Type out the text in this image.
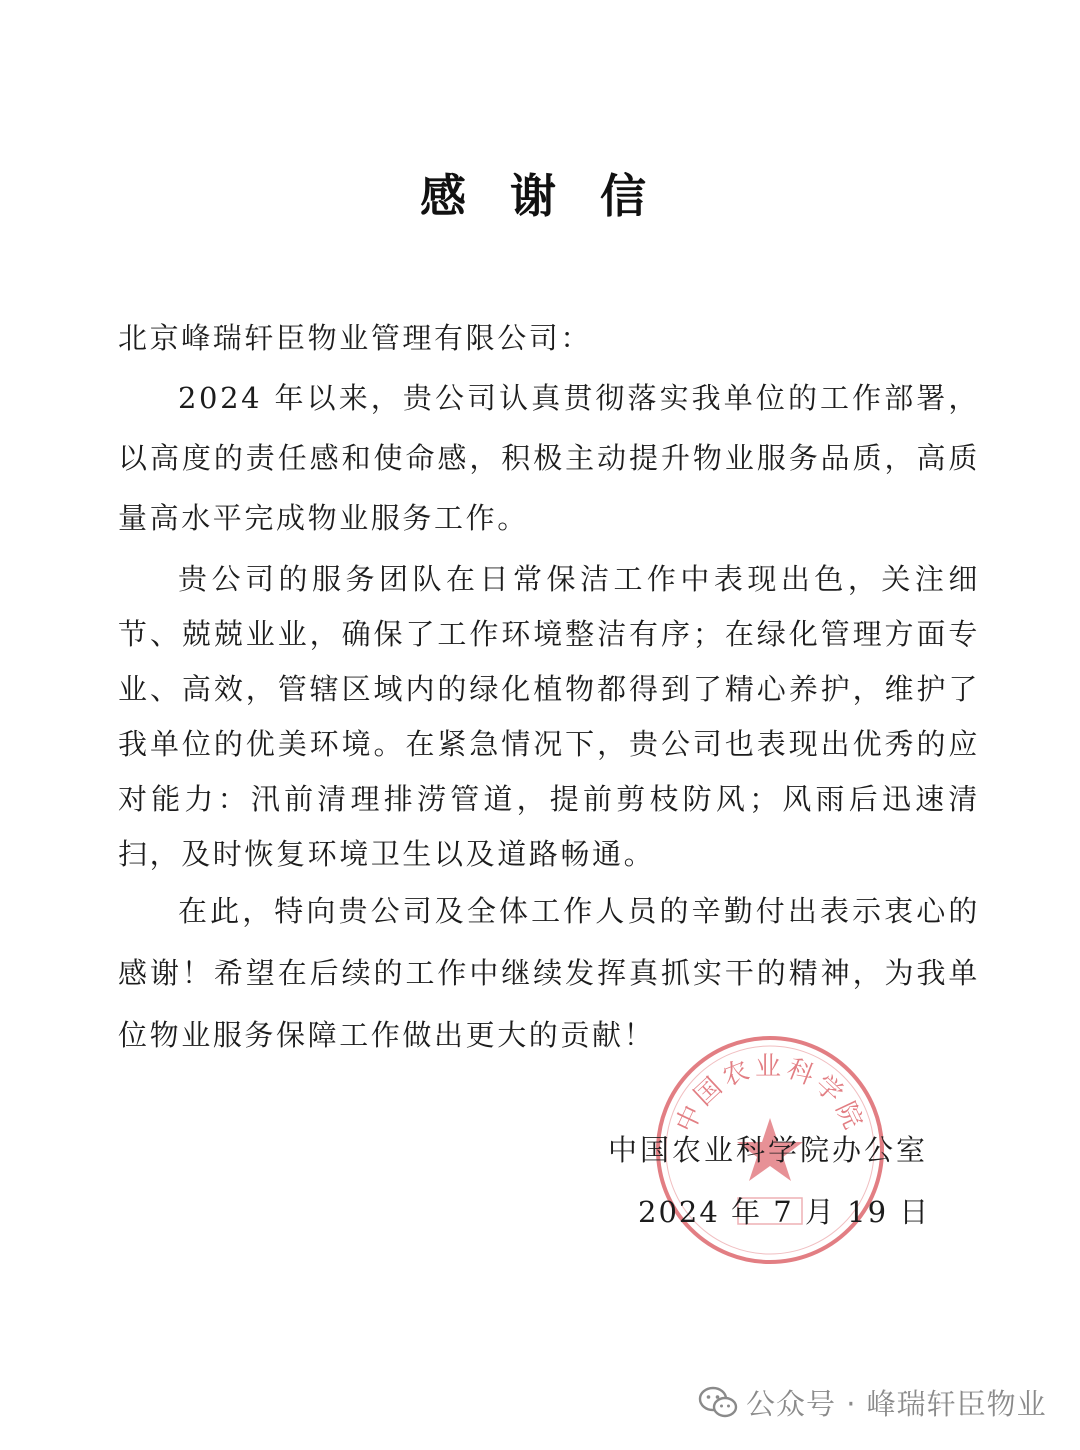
感 谢 信
北京峰瑞轩臣物业管理有限公司：

2024 年以来，贵公司认真贯彻落实我单位的工作部署，以高度的责任感和使命感，积极主动提升物业服务品质，高质量高水平完成物业服务工作。

贵公司的服务团队在日常保洁工作中表现出色，关注细节、兢兢业业，确保了工作环境整洁有序；在绿化管理方面专业、高效，管辖区域内的绿化植物都得到了精心养护，维护了我单位的优美环境。在紧急情况下，贵公司也表现出优秀的应对能力：汛前清理排涝管道，提前剪枝防风；风雨后迅速清扫，及时恢复环境卫生以及道路畅通。

在此，特向贵公司及全体工作人员的辛勤付出表示衷心的感谢！希望在后续的工作中继续发挥真抓实干的精神，为我单位物业服务保障工作做出更大的贡献！

中国农业科学院
中国农业科学院办公室
2024 年 7 月 19 日
公众号 · 峰瑞轩臣物业
